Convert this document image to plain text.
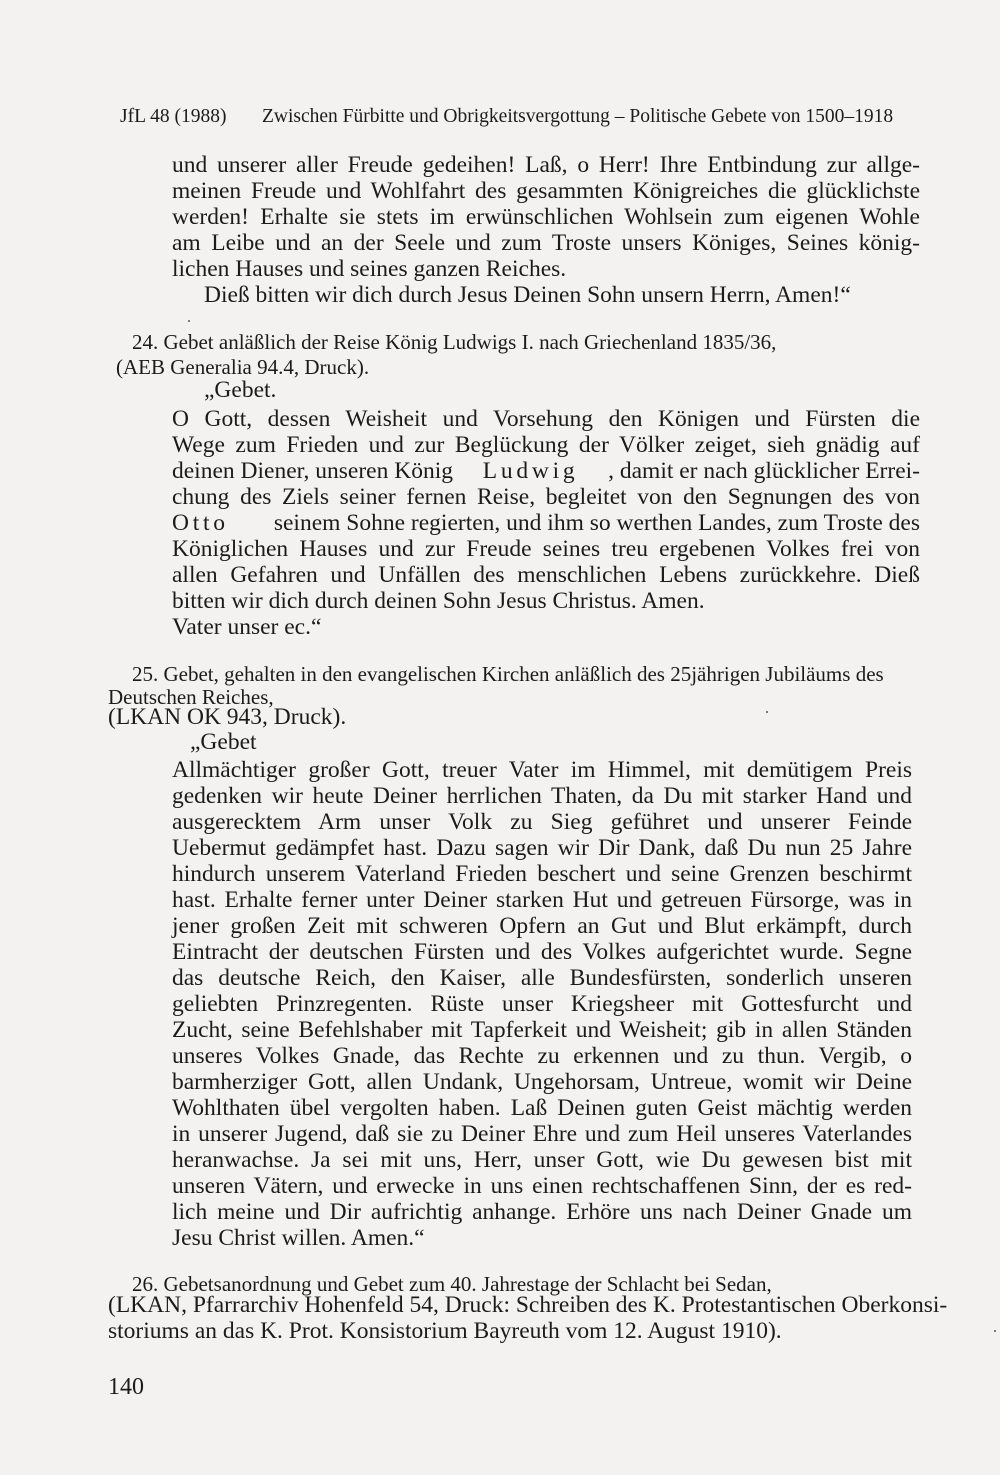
JfL 48 (1988) Zwischen Fürbitte und Obrigkeitsvergottung – Politische Gebete von 1500–1918
und unserer aller Freude gedeihen! Laß, o Herr! Ihre Entbindung zur allge-
meinen Freude und Wohlfahrt des gesammten Königreiches die glücklichste
werden! Erhalte sie stets im erwünschlichen Wohlsein zum eigenen Wohle
am Leibe und an der Seele und zum Troste unsers Königes, Seines könig-
lichen Hauses und seines ganzen Reiches.
Dieß bitten wir dich durch Jesus Deinen Sohn unsern Herrn, Amen!“
24. Gebet anläßlich der Reise König Ludwigs I. nach Griechenland 1835/36,
(AEB Generalia 94.4, Druck).
„Gebet.
O Gott, dessen Weisheit und Vorsehung den Königen und Fürsten die
Wege zum Frieden und zur Beglückung der Völker zeiget, sieh gnädig auf
deinen Diener, unseren König Ludwig , damit er nach glücklicher Errei-
chung des Ziels seiner fernen Reise, begleitet von den Segnungen des von
Otto seinem Sohne regierten, und ihm so werthen Landes, zum Troste des
Königlichen Hauses und zur Freude seines treu ergebenen Volkes frei von
allen Gefahren und Unfällen des menschlichen Lebens zurückkehre. Dieß
bitten wir dich durch deinen Sohn Jesus Christus. Amen.
Vater unser ec.“
25. Gebet, gehalten in den evangelischen Kirchen anläßlich des 25jährigen Jubiläums des
Deutschen Reiches,
(LKAN OK 943, Druck).
„Gebet
Allmächtiger großer Gott, treuer Vater im Himmel, mit demütigem Preis
gedenken wir heute Deiner herrlichen Thaten, da Du mit starker Hand und
ausgerecktem Arm unser Volk zu Sieg geführet und unserer Feinde
Uebermut gedämpfet hast. Dazu sagen wir Dir Dank, daß Du nun 25 Jahre
hindurch unserem Vaterland Frieden beschert und seine Grenzen beschirmt
hast. Erhalte ferner unter Deiner starken Hut und getreuen Fürsorge, was in
jener großen Zeit mit schweren Opfern an Gut und Blut erkämpft, durch
Eintracht der deutschen Fürsten und des Volkes aufgerichtet wurde. Segne
das deutsche Reich, den Kaiser, alle Bundesfürsten, sonderlich unseren
geliebten Prinzregenten. Rüste unser Kriegsheer mit Gottesfurcht und
Zucht, seine Befehlshaber mit Tapferkeit und Weisheit; gib in allen Ständen
unseres Volkes Gnade, das Rechte zu erkennen und zu thun. Vergib, o
barmherziger Gott, allen Undank, Ungehorsam, Untreue, womit wir Deine
Wohlthaten übel vergolten haben. Laß Deinen guten Geist mächtig werden
in unserer Jugend, daß sie zu Deiner Ehre und zum Heil unseres Vaterlandes
heranwachse. Ja sei mit uns, Herr, unser Gott, wie Du gewesen bist mit
unseren Vätern, und erwecke in uns einen rechtschaffenen Sinn, der es red-
lich meine und Dir aufrichtig anhange. Erhöre uns nach Deiner Gnade um
Jesu Christ willen. Amen.“
26. Gebetsanordnung und Gebet zum 40. Jahrestage der Schlacht bei Sedan,
(LKAN, Pfarrarchiv Hohenfeld 54, Druck: Schreiben des K. Protestantischen Oberkonsi-
storiums an das K. Prot. Konsistorium Bayreuth vom 12. August 1910).
140
